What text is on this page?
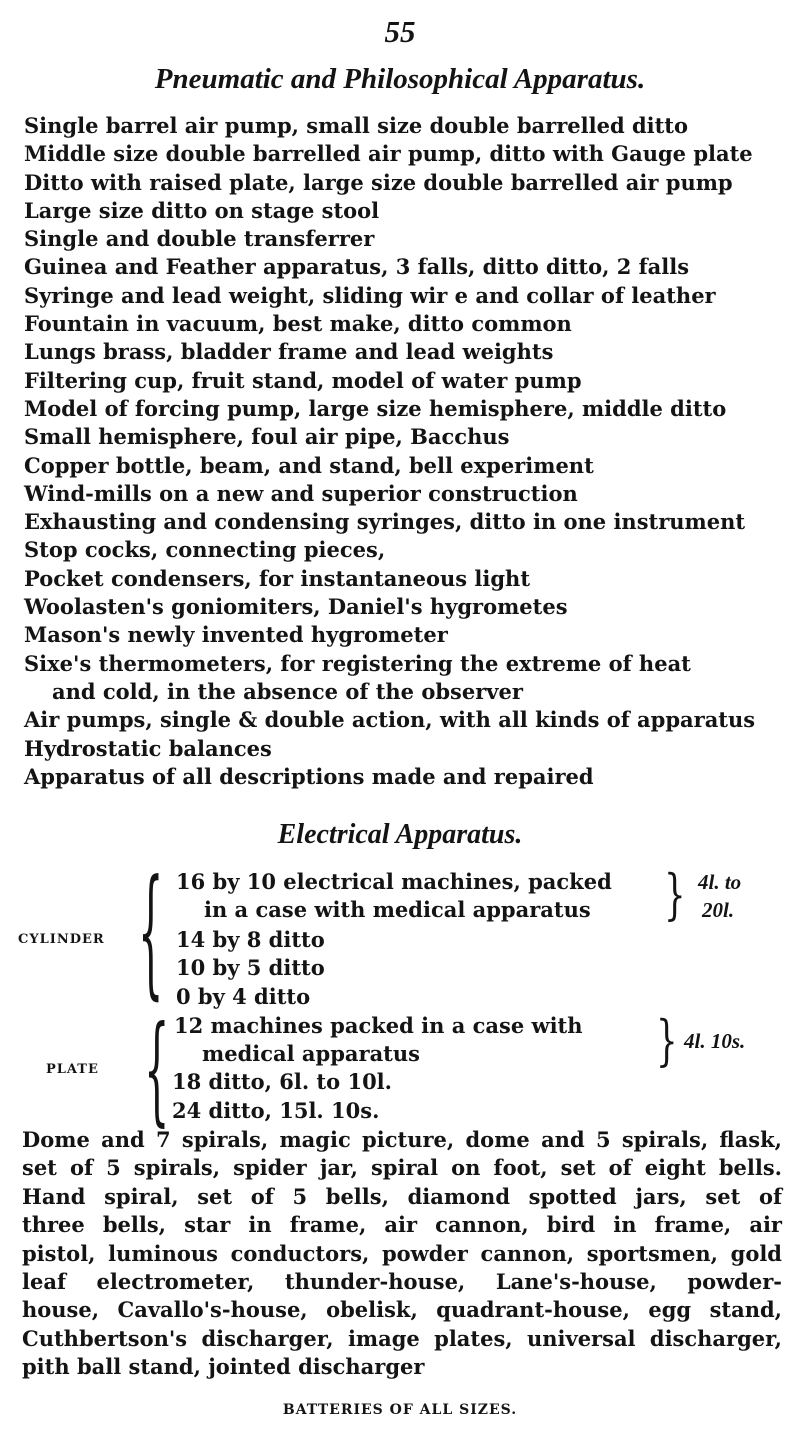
55
Pneumatic and Philosophical Apparatus.
Single barrel air pump, small size double barrelled ditto
Middle size double barrelled air pump, ditto with Gauge plate
Ditto with raised plate, large size double barrelled air pump
Large size ditto on stage stool
Single and double transferrer
Guinea and Feather apparatus, 3 falls, ditto ditto, 2 falls
Syringe and lead weight, sliding wir e and collar of leather
Fountain in vacuum, best make, ditto common
Lungs brass, bladder frame and lead weights
Filtering cup, fruit stand, model of water pump
Model of forcing pump, large size hemisphere, middle ditto
Small hemisphere, foul air pipe, Bacchus
Copper bottle, beam, and stand, bell experiment
Wind-mills on a new and superior construction
Exhausting and condensing syringes, ditto in one instrument
Stop cocks, connecting pieces,
Pocket condensers, for instantaneous light
Woolasten's goniomiters, Daniel's hygrometes
Mason's newly invented hygrometer
Sixe's thermometers, for registering the extreme of heat
and cold, in the absence of the observer
Air pumps, single & double action, with all kinds of apparatus
Hydrostatic balances
Apparatus of all descriptions made and repaired
Electrical Apparatus.
CYLINDER { 16 by 10 electrical machines, packed
in a case with medical apparatus
14 by 8 ditto
10 by 5 ditto
0 by 4 ditto
} 4l. to
20l.
PLATE { 12 machines packed in a case with
medical apparatus
18 ditto, 6l. to 10l.
24 ditto, 15l. 10s.
} 4l. 10s.
Dome and 7 spirals, magic picture, dome and 5 spirals, flask,
set of 5 spirals, spider jar, spiral on foot, set of eight bells.
Hand spiral, set of 5 bells, diamond spotted jars, set of
three bells, star in frame, air cannon, bird in frame, air
pistol, luminous conductors, powder cannon, sportsmen, gold
leaf electrometer, thunder-house, Lane's-house, powder-
house, Cavallo's-house, obelisk, quadrant-house, egg stand,
Cuthbertson's discharger, image plates, universal discharger,
pith ball stand, jointed discharger
BATTERIES OF ALL SIZES.
